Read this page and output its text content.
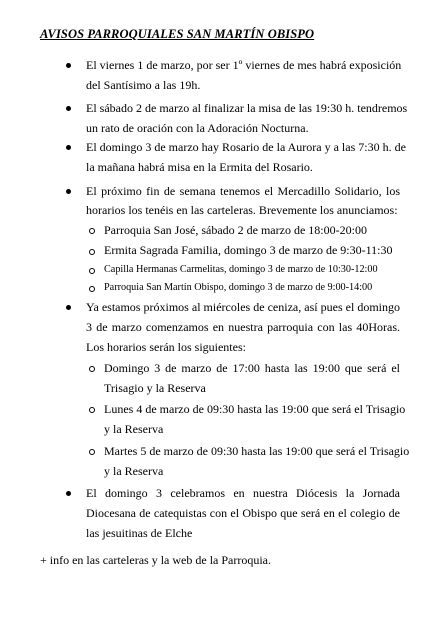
AVISOS PARROQUIALES SAN MARTÍN OBISPO
El viernes 1 de marzo, por ser 1º viernes de mes habrá exposición
del Santísimo a las 19h.
El sábado 2 de marzo al finalizar la misa de las 19:30 h. tendremos
un rato de oración con la Adoración Nocturna.
El domingo 3 de marzo hay Rosario de la Aurora y a las 7:30 h. de
la mañana habrá misa en la Ermita del Rosario.
El próximo fin de semana tenemos el Mercadillo Solidario, los
horarios los tenéis en las carteleras. Brevemente los anunciamos:
Parroquia San José, sábado 2 de marzo de 18:00-20:00
Ermita Sagrada Familia, domingo 3 de marzo de 9:30-11:30
Capilla Hermanas Carmelitas, domingo 3 de marzo de 10:30-12:00
Parroquia San Martín Obispo, domingo 3 de marzo de 9:00-14:00
Ya estamos próximos al miércoles de ceniza, así pues el domingo
3 de marzo comenzamos en nuestra parroquia con las 40Horas.
Los horarios serán los siguientes:
Domingo 3 de marzo de 17:00 hasta las 19:00 que será el
Trisagio y la Reserva
Lunes 4 de marzo de 09:30 hasta las 19:00 que será el Trisagio
y la Reserva
Martes 5 de marzo de 09:30 hasta las 19:00 que será el Trisagio
y la Reserva
El domingo 3 celebramos en nuestra Diócesis la Jornada
Diocesana de catequistas con el Obispo que será en el colegio de
las jesuitinas de Elche
+ info en las carteleras y la web de la Parroquia.
